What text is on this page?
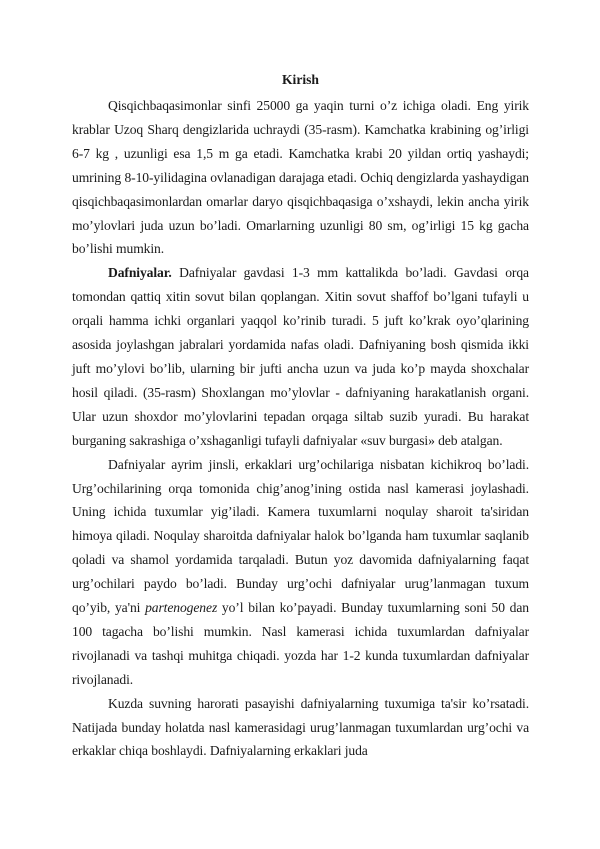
Kirish

Qisqichbaqasimonlar sinfi 25000 ga yaqin turni o’z ichiga oladi. Eng yirik krablar Uzoq Sharq dengizlarida uchraydi (35-rasm). Kamchatka krabining og’irligi 6-7 kg , uzunligi esa 1,5 m ga etadi. Kamchatka krabi 20 yildan ortiq yashaydi; umrining 8-10-yilidagina ovlanadigan darajaga etadi. Ochiq dengizlarda yashaydigan qisqichbaqasimonlardan omarlar daryo qisqichbaqasiga o’xshaydi, lekin ancha yirik mo’ylovlari juda uzun bo’ladi. Omarlarning uzunligi 80 sm, og’irligi 15 kg gacha bo’lishi mumkin.

Dafniyalar. Dafniyalar gavdasi 1-3 mm kattalikda bo’ladi. Gavdasi orqa tomondan qattiq xitin sovut bilan qoplangan. Xitin sovut shaffof bo’lgani tufayli u orqali hamma ichki organlari yaqqol ko’rinib turadi. 5 juft ko’krak oyo’qlarining asosida joylashgan jabralari yordamida nafas oladi. Dafniyaning bosh qismida ikki juft mo’ylovi bo’lib, ularning bir jufti ancha uzun va juda ko’p mayda shoxchalar hosil qiladi. (35-rasm) Shoxlangan mo’ylovlar - dafniyaning harakatlanish organi. Ular uzun shoxdor mo’ylovlarini tepadan orqaga siltab suzib yuradi. Bu harakat burganing sakrashiga o’xshaganligi tufayli dafniyalar «suv burgasi» deb atalgan.

Dafniyalar ayrim jinsli, erkaklari urg’ochilariga nisbatan kichikroq bo’ladi. Urg’ochilarining orqa tomonida chig’anog’ining ostida nasl kamerasi joylashadi. Uning ichida tuxumlar yig’iladi. Kamera tuxumlarni noqulay sharoit ta'siridan himoya qiladi. Noqulay sharoitda dafniyalar halok bo’lganda ham tuxumlar saqlanib qoladi va shamol yordamida tarqaladi. Butun yoz davomida dafniyalarning faqat urg’ochilari paydo bo’ladi. Bunday urg’ochi dafniyalar urug’lanmagan tuxum qo’yib, ya'ni partenogenez yo’l bilan ko’payadi. Bunday tuxumlarning soni 50 dan 100 tagacha bo’lishi mumkin. Nasl kamerasi ichida tuxumlardan dafniyalar rivojlanadi va tashqi muhitga chiqadi. yozda har 1-2 kunda tuxumlardan dafniyalar rivojlanadi.

Kuzda suvning harorati pasayishi dafniyalarning tuxumiga ta'sir ko’rsatadi. Natijada bunday holatda nasl kamerasidagi urug’lanmagan tuxumlardan urg’ochi va erkaklar chiqa boshlaydi. Dafniyalarning erkaklari juda
